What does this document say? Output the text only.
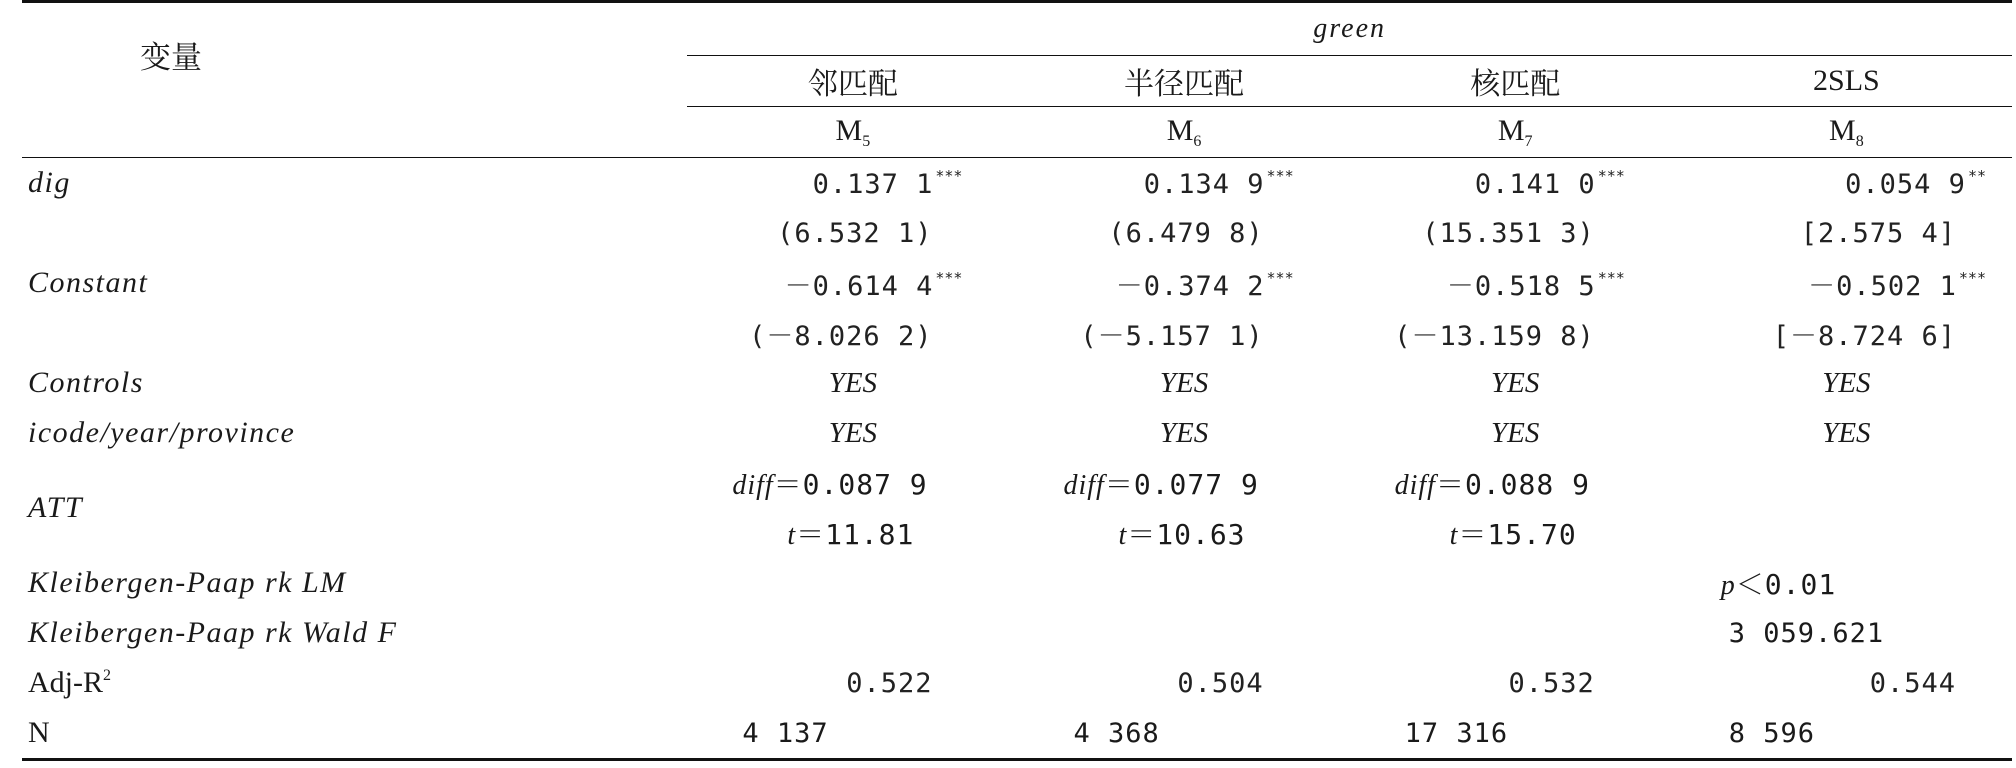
变量	green			
	邻匹配	半径匹配	核匹配	2SLS
	$M_5$	$M_6$	$M_7$	$M_8$
dig	0.137 1 ***	0.134 9 ***	0.141 0 ***	0.054 9 **
	(6.532 1)	(6.479 8)	(15.351 3)	[2.575 4]
Constant	－0.614 4 ***	－0.374 2 ***	－0.518 5 ***	－0.502 1 ***
	(－8.026 2)	(－5.157 1)	(－13.159 8)	[－8.724 6]
Controls	YES	YES	YES	YES
icode/year/province	YES	YES	YES	YES
ATT	diff＝0.087 9	diff＝0.077 9	diff＝0.088 9	
	t＝11.81	t＝10.63	t＝15.70	
Kleibergen-Paap rk LM				p＜0.01
Kleibergen-Paap rk Wald F				3 059.621
Adj-$R^2$	0.522	0.504	0.532	0.544
N	4 137	4 368	17 316	8 596
